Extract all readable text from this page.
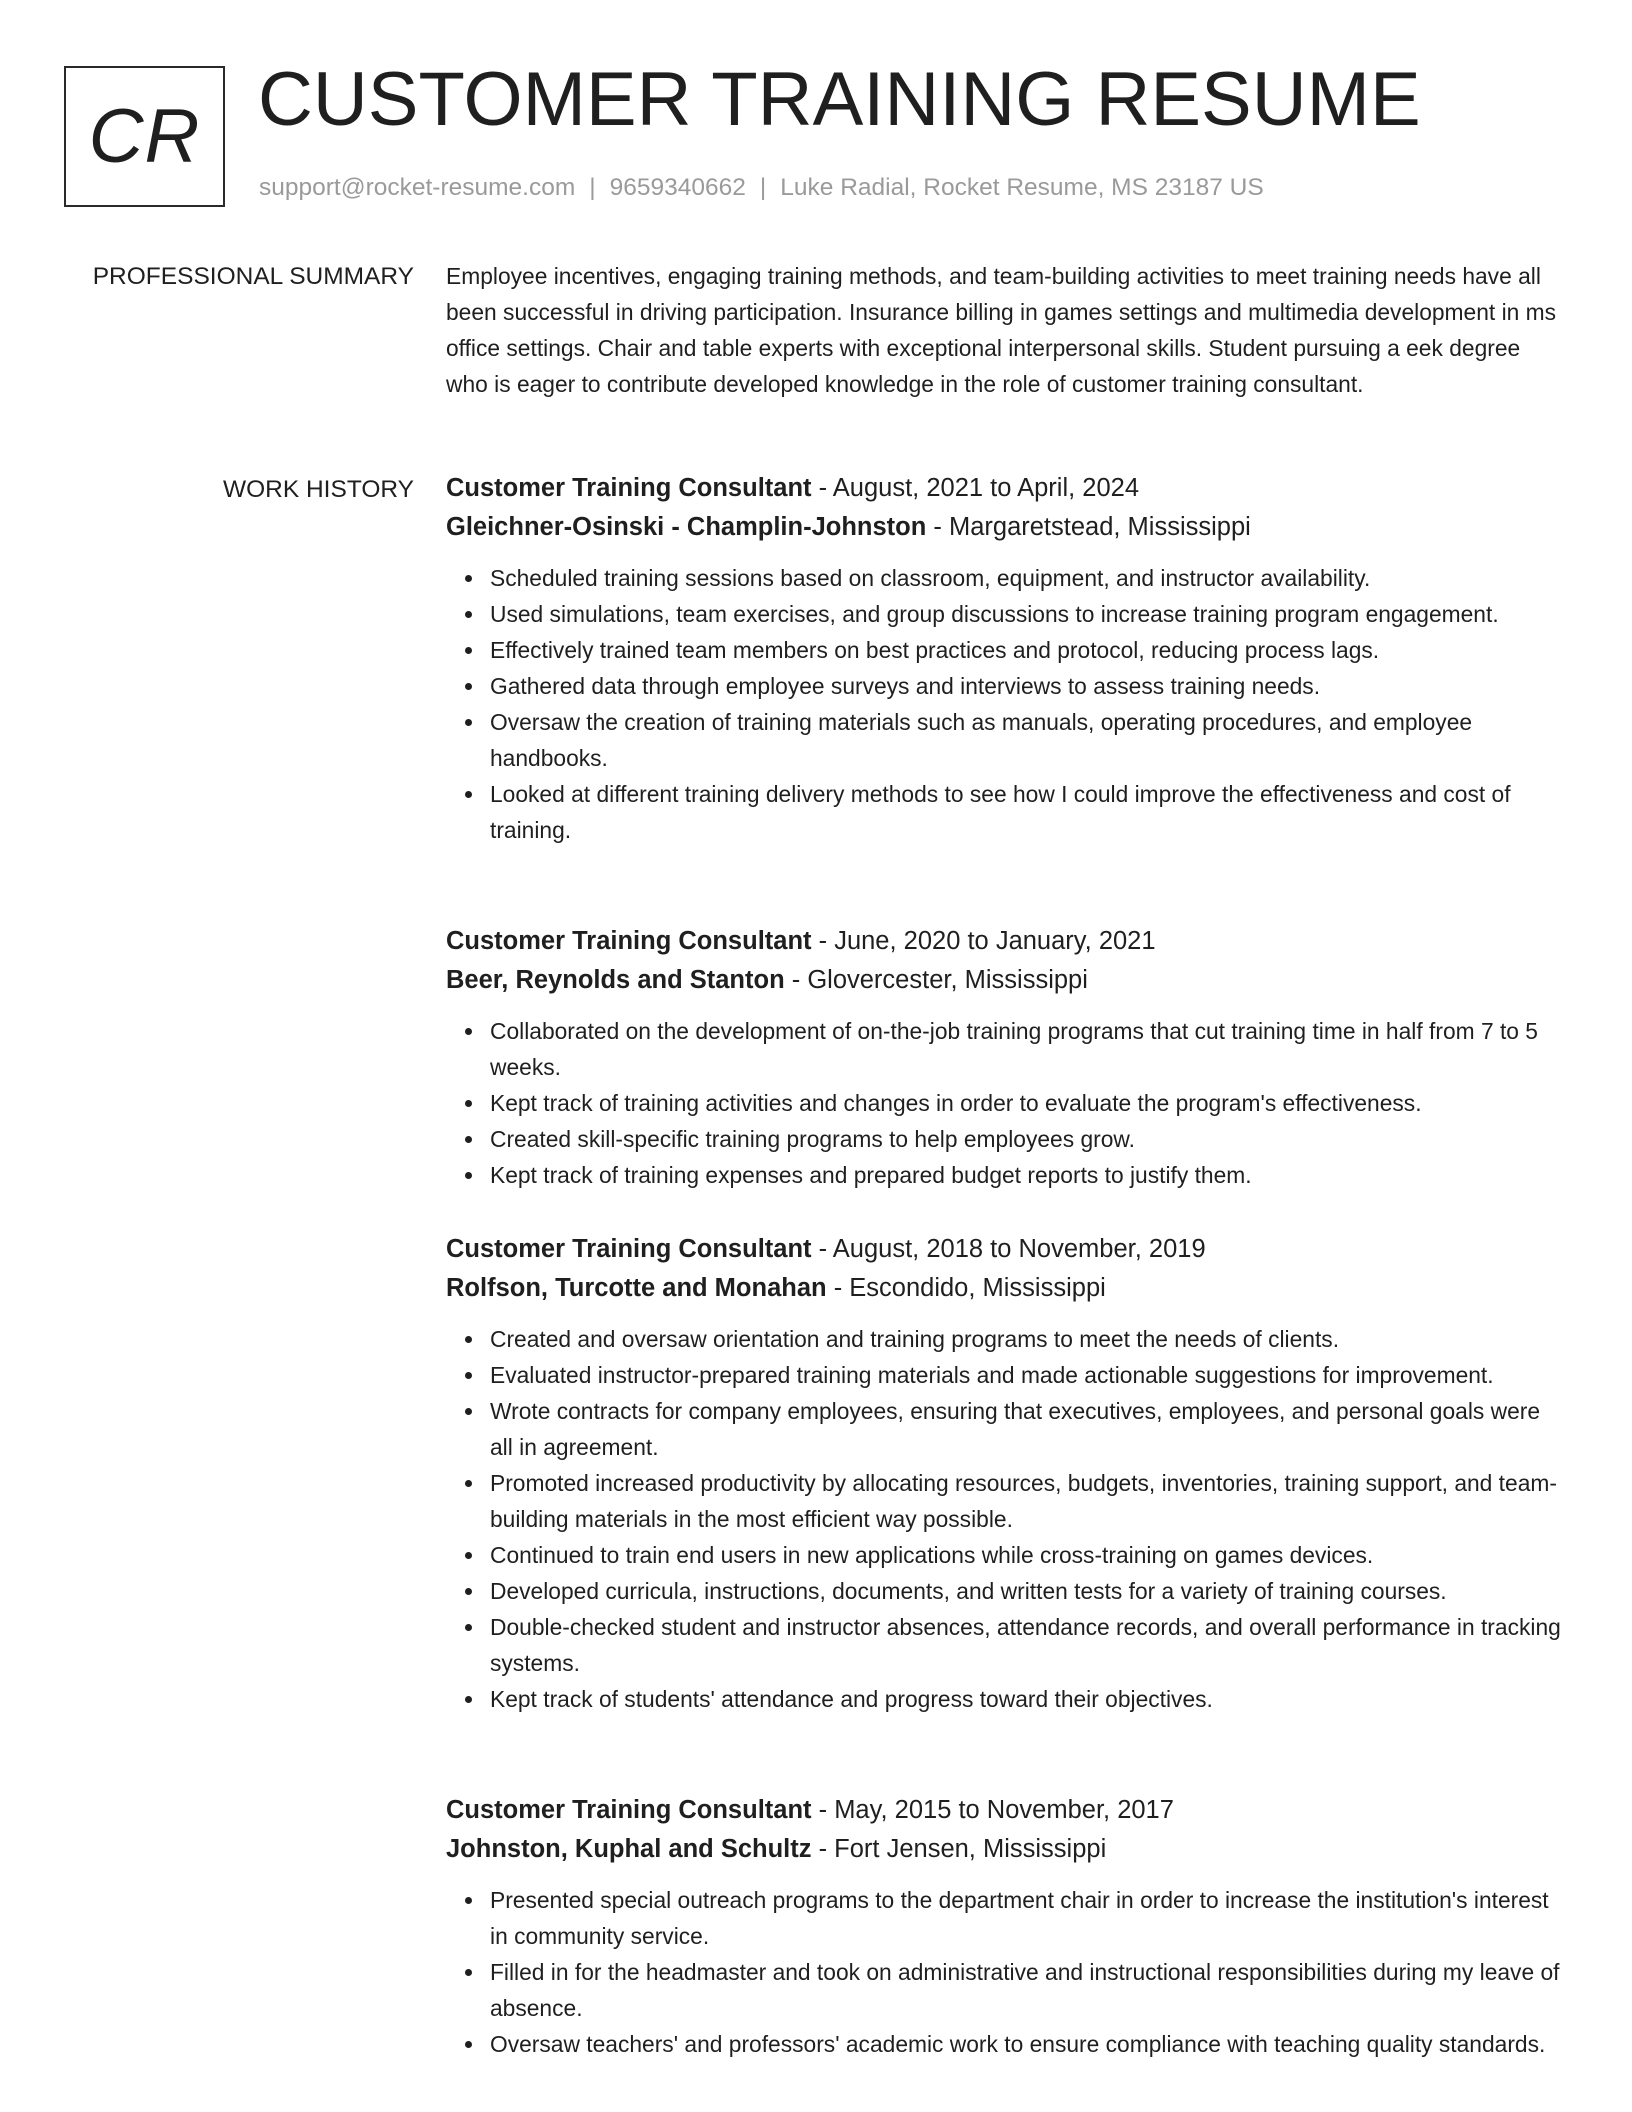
CR CUSTOMER TRAINING RESUME
support@rocket-resume.com | 9659340662 | Luke Radial, Rocket Resume, MS 23187 US
PROFESSIONAL SUMMARY Employee incentives, engaging training methods, and team-building activities to meet training needs have all been successful in driving participation. Insurance billing in games settings and multimedia development in ms office settings. Chair and table experts with exceptional interpersonal skills. Student pursuing a eek degree who is eager to contribute developed knowledge in the role of customer training consultant.

WORK HISTORY Customer Training Consultant - August, 2021 to April, 2024
Gleichner-Osinski - Champlin-Johnston - Margaretstead, Mississippi
Scheduled training sessions based on classroom, equipment, and instructor availability.
Used simulations, team exercises, and group discussions to increase training program engagement.
Effectively trained team members on best practices and protocol, reducing process lags.
Gathered data through employee surveys and interviews to assess training needs.
Oversaw the creation of training materials such as manuals, operating procedures, and employee handbooks.
Looked at different training delivery methods to see how I could improve the effectiveness and cost of training.
Customer Training Consultant - June, 2020 to January, 2021
Beer, Reynolds and Stanton - Glovercester, Mississippi
Collaborated on the development of on-the-job training programs that cut training time in half from 7 to 5 weeks.
Kept track of training activities and changes in order to evaluate the program's effectiveness.
Created skill-specific training programs to help employees grow.
Kept track of training expenses and prepared budget reports to justify them.
Customer Training Consultant - August, 2018 to November, 2019
Rolfson, Turcotte and Monahan - Escondido, Mississippi
Created and oversaw orientation and training programs to meet the needs of clients.
Evaluated instructor-prepared training materials and made actionable suggestions for improvement.
Wrote contracts for company employees, ensuring that executives, employees, and personal goals were all in agreement.
Promoted increased productivity by allocating resources, budgets, inventories, training support, and team-building materials in the most efficient way possible.
Continued to train end users in new applications while cross-training on games devices.
Developed curricula, instructions, documents, and written tests for a variety of training courses.
Double-checked student and instructor absences, attendance records, and overall performance in tracking systems.
Kept track of students' attendance and progress toward their objectives.
Customer Training Consultant - May, 2015 to November, 2017
Johnston, Kuphal and Schultz - Fort Jensen, Mississippi
Presented special outreach programs to the department chair in order to increase the institution's interest in community service.
Filled in for the headmaster and took on administrative and instructional responsibilities during my leave of absence.
Oversaw teachers' and professors' academic work to ensure compliance with teaching quality standards.
